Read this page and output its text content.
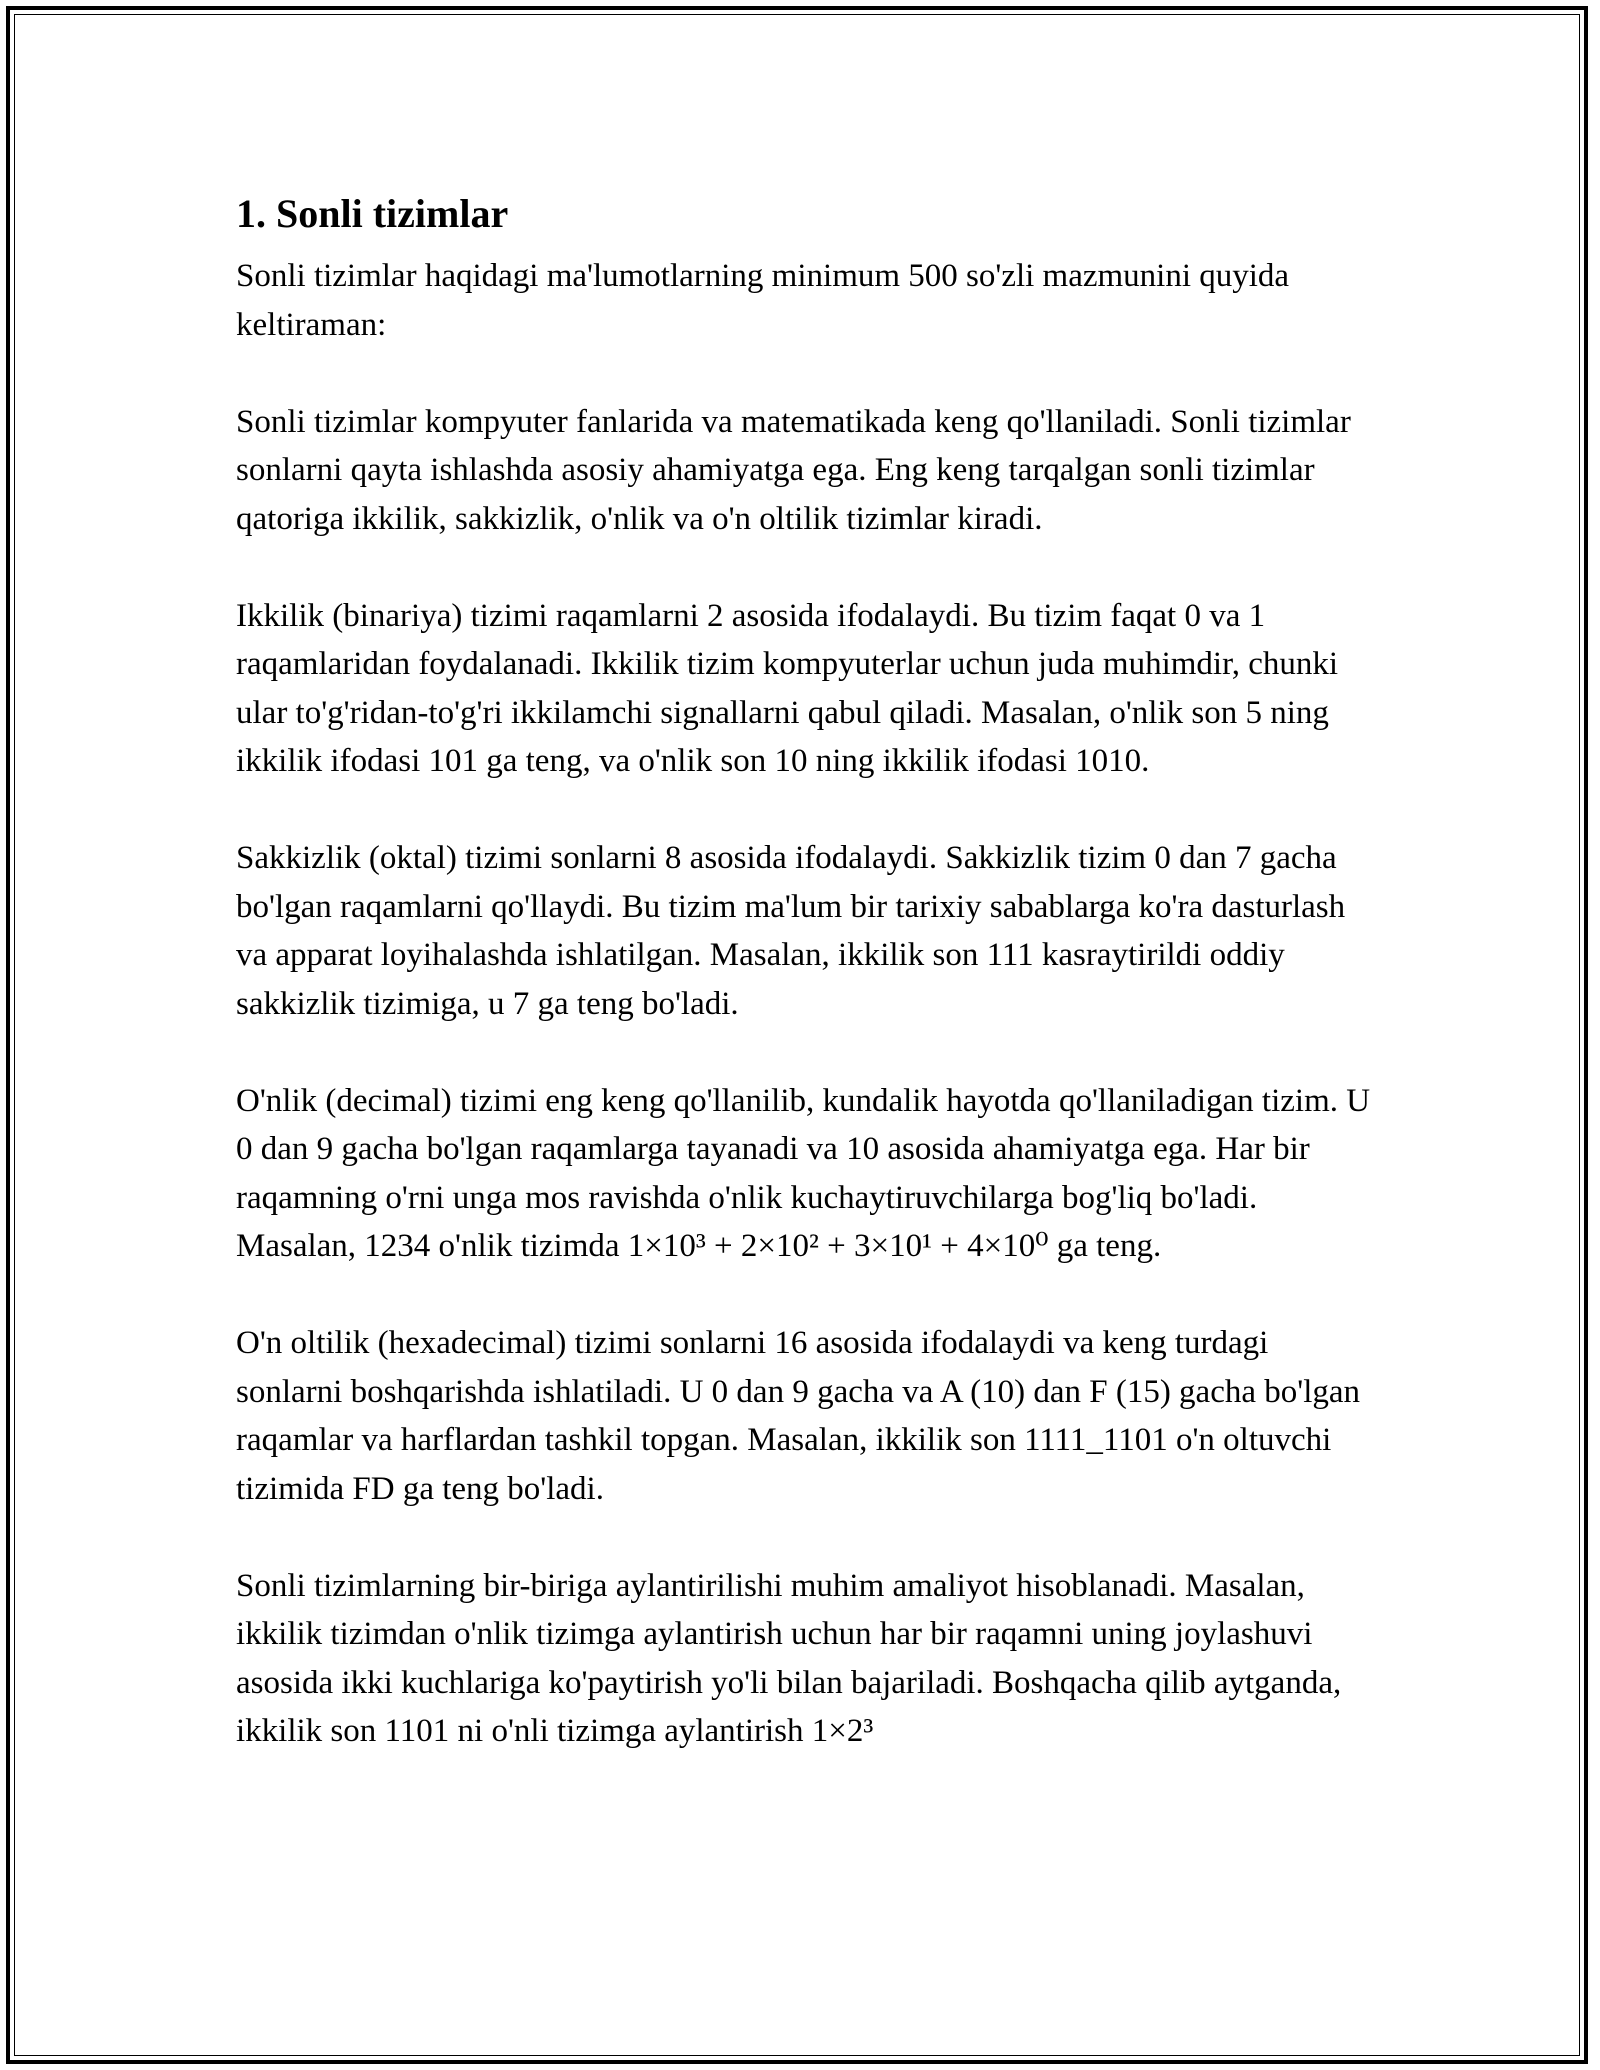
1. Sonli tizimlar

Sonli tizimlar haqidagi ma'lumotlarning minimum 500 so'zli mazmunini quyida keltiraman:

Sonli tizimlar kompyuter fanlarida va matematikada keng qo'llaniladi. Sonli tizimlar sonlarni qayta ishlashda asosiy ahamiyatga ega. Eng keng tarqalgan sonli tizimlar qatoriga ikkilik, sakkizlik, o'nlik va o'n oltilik tizimlar kiradi.

Ikkilik (binariya) tizimi raqamlarni 2 asosida ifodalaydi. Bu tizim faqat 0 va 1 raqamlaridan foydalanadi. Ikkilik tizim kompyuterlar uchun juda muhimdir, chunki ular to'g'ridan-to'g'ri ikkilamchi signallarni qabul qiladi. Masalan, o'nlik son 5 ning ikkilik ifodasi 101 ga teng, va o'nlik son 10 ning ikkilik ifodasi 1010.

Sakkizlik (oktal) tizimi sonlarni 8 asosida ifodalaydi. Sakkizlik tizim 0 dan 7 gacha bo'lgan raqamlarni qo'llaydi. Bu tizim ma'lum bir tarixiy sabablarga ko'ra dasturlash va apparat loyihalashda ishlatilgan. Masalan, ikkilik son 111 kasraytirildi oddiy sakkizlik tizimiga, u 7 ga teng bo'ladi.

O'nlik (decimal) tizimi eng keng qo'llanilib, kundalik hayotda qo'llaniladigan tizim. U 0 dan 9 gacha bo'lgan raqamlarga tayanadi va 10 asosida ahamiyatga ega. Har bir raqamning o'rni unga mos ravishda o'nlik kuchaytiruvchilarga bog'liq bo'ladi. Masalan, 1234 o'nlik tizimda 1×10³ + 2×10² + 3×10¹ + 4×10⁰ ga teng.

O'n oltilik (hexadecimal) tizimi sonlarni 16 asosida ifodalaydi va keng turdagi sonlarni boshqarishda ishlatiladi. U 0 dan 9 gacha va A (10) dan F (15) gacha bo'lgan raqamlar va harflardan tashkil topgan. Masalan, ikkilik son 1111_1101 o'n oltuvchi tizimida FD ga teng bo'ladi.

Sonli tizimlarning bir-biriga aylantirilishi muhim amaliyot hisoblanadi. Masalan, ikkilik tizimdan o'nlik tizimga aylantirish uchun har bir raqamni uning joylashuvi asosida ikki kuchlariga ko'paytirish yo'li bilan bajariladi. Boshqacha qilib aytganda, ikkilik son 1101 ni o'nli tizimga aylantirish 1×2³
